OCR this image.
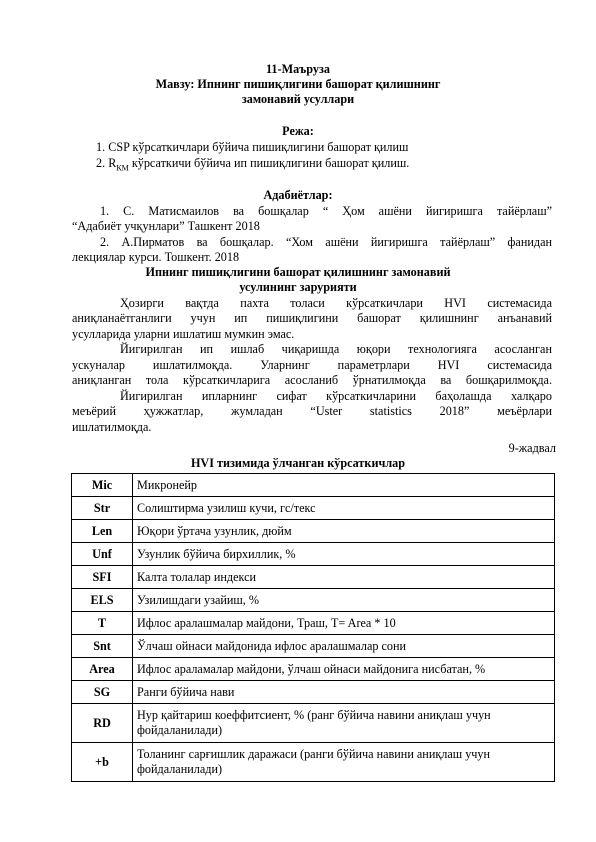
11-Маъруза
Мавзу: Ипнинг пишиқлигини башорат қилишнинг
замонавий усуллари
Режа:
1. CSP кўрсаткичлари бўйича пишиқлигини башорат қилиш
2. $R_{КМ}$ кўрсаткичи бўйича ип пишиқлигини башорат қилиш.
Адабиётлар:
1. С. Матисмаилов ва бошқалар “ Ҳом ашёни йигиришга тайёрлаш”
“Адабиёт учқунлари” Ташкент 2018
2. А.Пирматов ва бошқалар. “Хом ашёни йигиришга тайёрлаш” фанидан
лекциялар курси. Тошкент. 2018
Ипнинг пишиқлигини башорат қилишнинг замонавий
усулининг зарурияти
Ҳозирги вақтда пахта толаси кўрсаткичлари HVI системасида
аниқланаётганлиги учун ип пишиқлигини башорат қилишнинг анъанавий
усулларида уларни ишлатиш мумкин эмас.
Йигирилган ип ишлаб чиқаришда юқори технологияга асосланган
ускуналар ишлатилмоқда. Уларнинг параметрлари HVI системасида
аниқланган тола кўрсаткичларига асосланиб ўрнатилмоқда ва бошқарилмоқда.
Йигирилган ипларнинг сифат кўрсаткичларини баҳолашда халқаро
меъёрий ҳужжатлар, жумладан “Uster statistics 2018” меъёрлари
ишлатилмоқда.
9-жадвал
HVI тизимида ўлчанган кўрсаткичлар
Mic	Микронейр
Str	Солиштирма узилиш кучи, гс/текс
Len	Юқори ўртача узунлик, дюйм
Unf	Узунлик бўйича бирхиллик, %
SFI	Калта толалар индекси
ELS	Узилишдаги узайиш, %
T	Ифлос аралашмалар майдони, Траш, T= Area * 10
Snt	Ўлчаш ойнаси майдонида ифлос аралашмалар сони
Area	Ифлос араламалар майдони, ўлчаш ойнаси майдонига нисбатан, %
SG	Ранги бўйича нави
RD	Нур қайтариш коеффитсиент, % (ранг бўйича навини аниқлаш учун фойдаланилади)
+b	Толанинг сарғишлик даражаси (ранги бўйича навини аниқлаш учун фойдаланилади)
